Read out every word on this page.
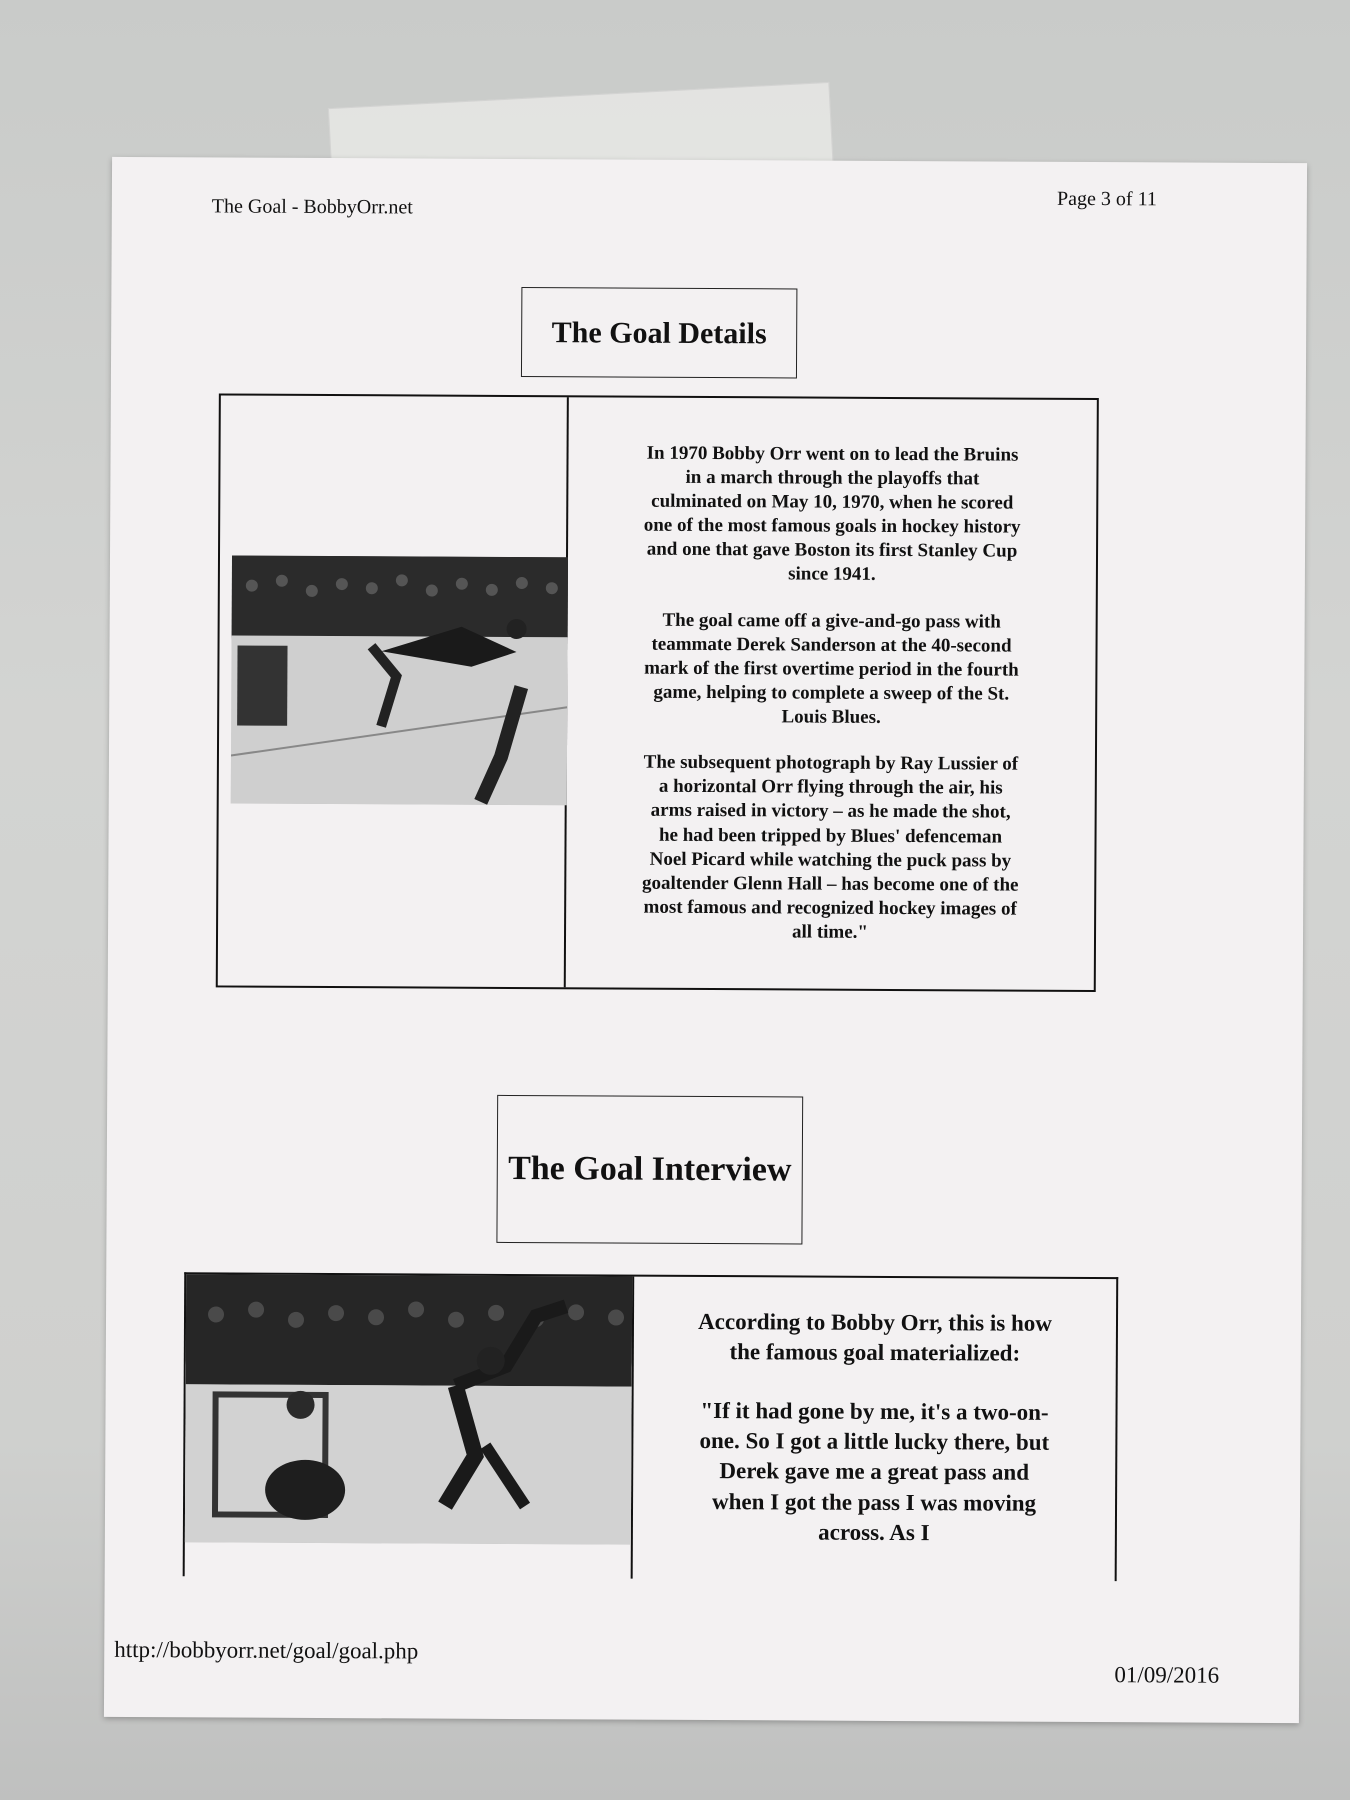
The Goal - BobbyOrr.net	Page 3 of 11
The Goal Details

In 1970 Bobby Orr went on to lead the Bruins in a march through the playoffs that culminated on May 10, 1970, when he scored one of the most famous goals in hockey history and one that gave Boston its first Stanley Cup since 1941.

The goal came off a give-and-go pass with teammate Derek Sanderson at the 40-second mark of the first overtime period in the fourth game, helping to complete a sweep of the St. Louis Blues.

The subsequent photograph by Ray Lussier of a horizontal Orr flying through the air, his arms raised in victory – as he made the shot, he had been tripped by Blues' defenceman Noel Picard while watching the puck pass by goaltender Glenn Hall – has become one of the most famous and recognized hockey images of all time."

The Goal Interview

According to Bobby Orr, this is how the famous goal materialized:

"If it had gone by me, it's a two-on-one. So I got a little lucky there, but Derek gave me a great pass and when I got the pass I was moving across. As I

http://bobbyorr.net/goal/goal.php
01/09/2016
